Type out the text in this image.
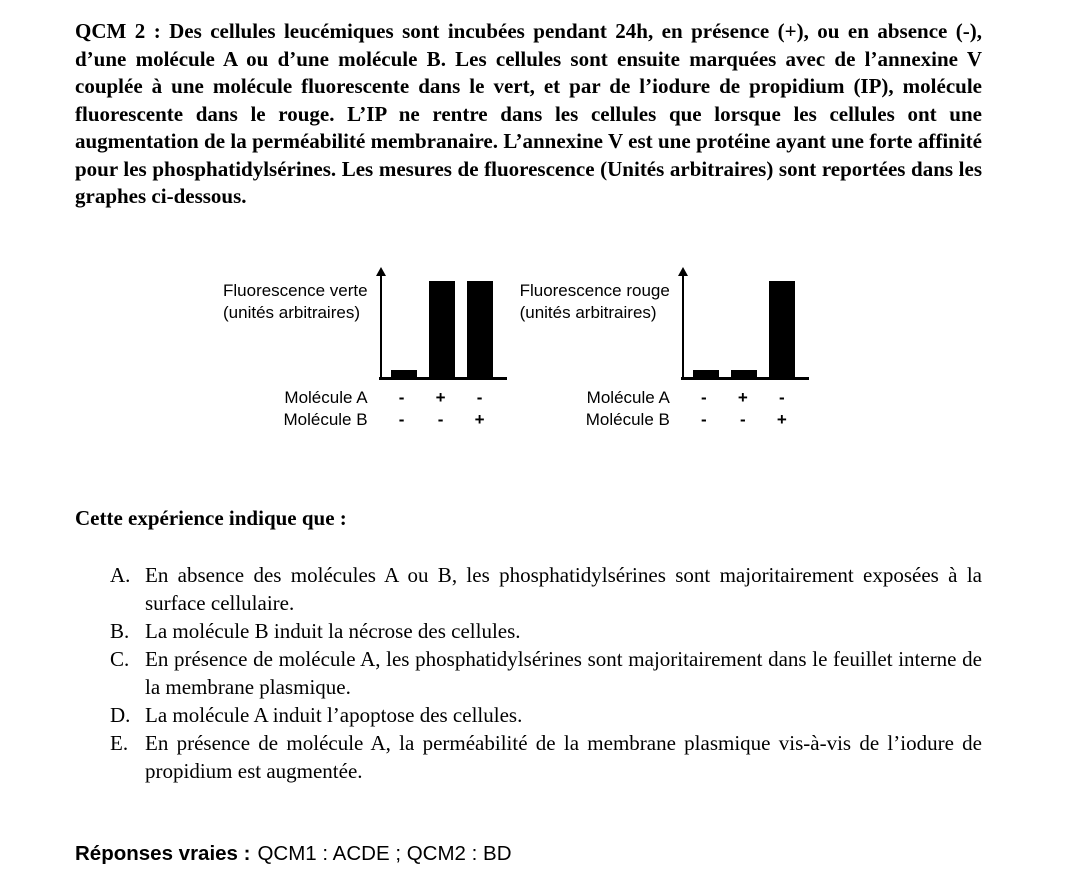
QCM 2 : Des cellules leucémiques sont incubées pendant 24h, en présence (+), ou en absence (-), d’une molécule A ou d’une molécule B. Les cellules sont ensuite marquées avec de l’annexine V couplée à une molécule fluorescente dans le vert, et par de l’iodure de propidium (IP), molécule fluorescente dans le rouge. L’IP ne rentre dans les cellules que lorsque les cellules ont une augmentation de la perméabilité membranaire. L’annexine V est une protéine ayant une forte affinité pour les phosphatidylsérines. Les mesures de fluorescence (Unités arbitraires) sont reportées dans les graphes ci-dessous.

Fluorescence verte
(unités arbitraires)
Molécule A	-	+	-
Molécule B	-	-	+
Fluorescence rouge
(unités arbitraires)
Molécule A	-	+	-
Molécule B	-	-	+

Cette expérience indique que :

A. En absence des molécules A ou B, les phosphatidylsérines sont majoritairement exposées à la surface cellulaire.
B. La molécule B induit la nécrose des cellules.
C. En présence de molécule A, les phosphatidylsérines sont majoritairement dans le feuillet interne de la membrane plasmique.
D. La molécule A induit l’apoptose des cellules.
E. En présence de molécule A, la perméabilité de la membrane plasmique vis-à-vis de l’iodure de propidium est augmentée.

Réponses vraies : QCM1 : ACDE ; QCM2 : BD
